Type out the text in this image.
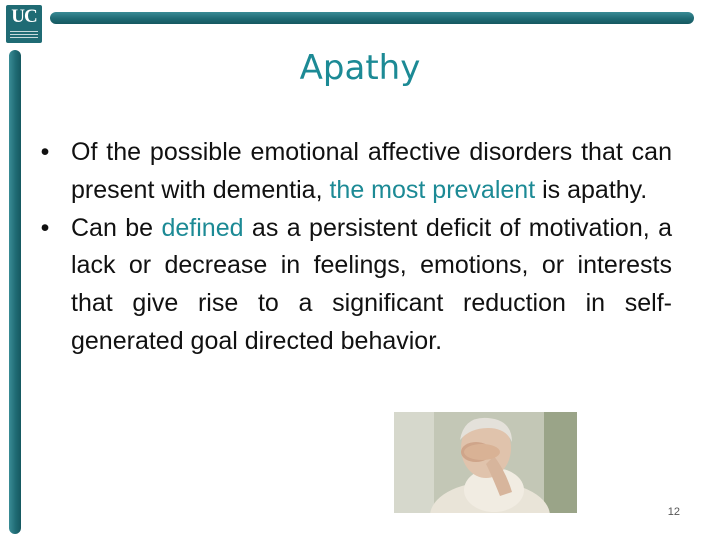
UC
Apathy
• Of the possible emotional affective disorders that can present with dementia, the most prevalent is apathy.
• Can be defined as a persistent deficit of motivation, a lack or decrease in feelings, emotions, or interests that give rise to a significant reduction in self-generated goal directed behavior.
12
